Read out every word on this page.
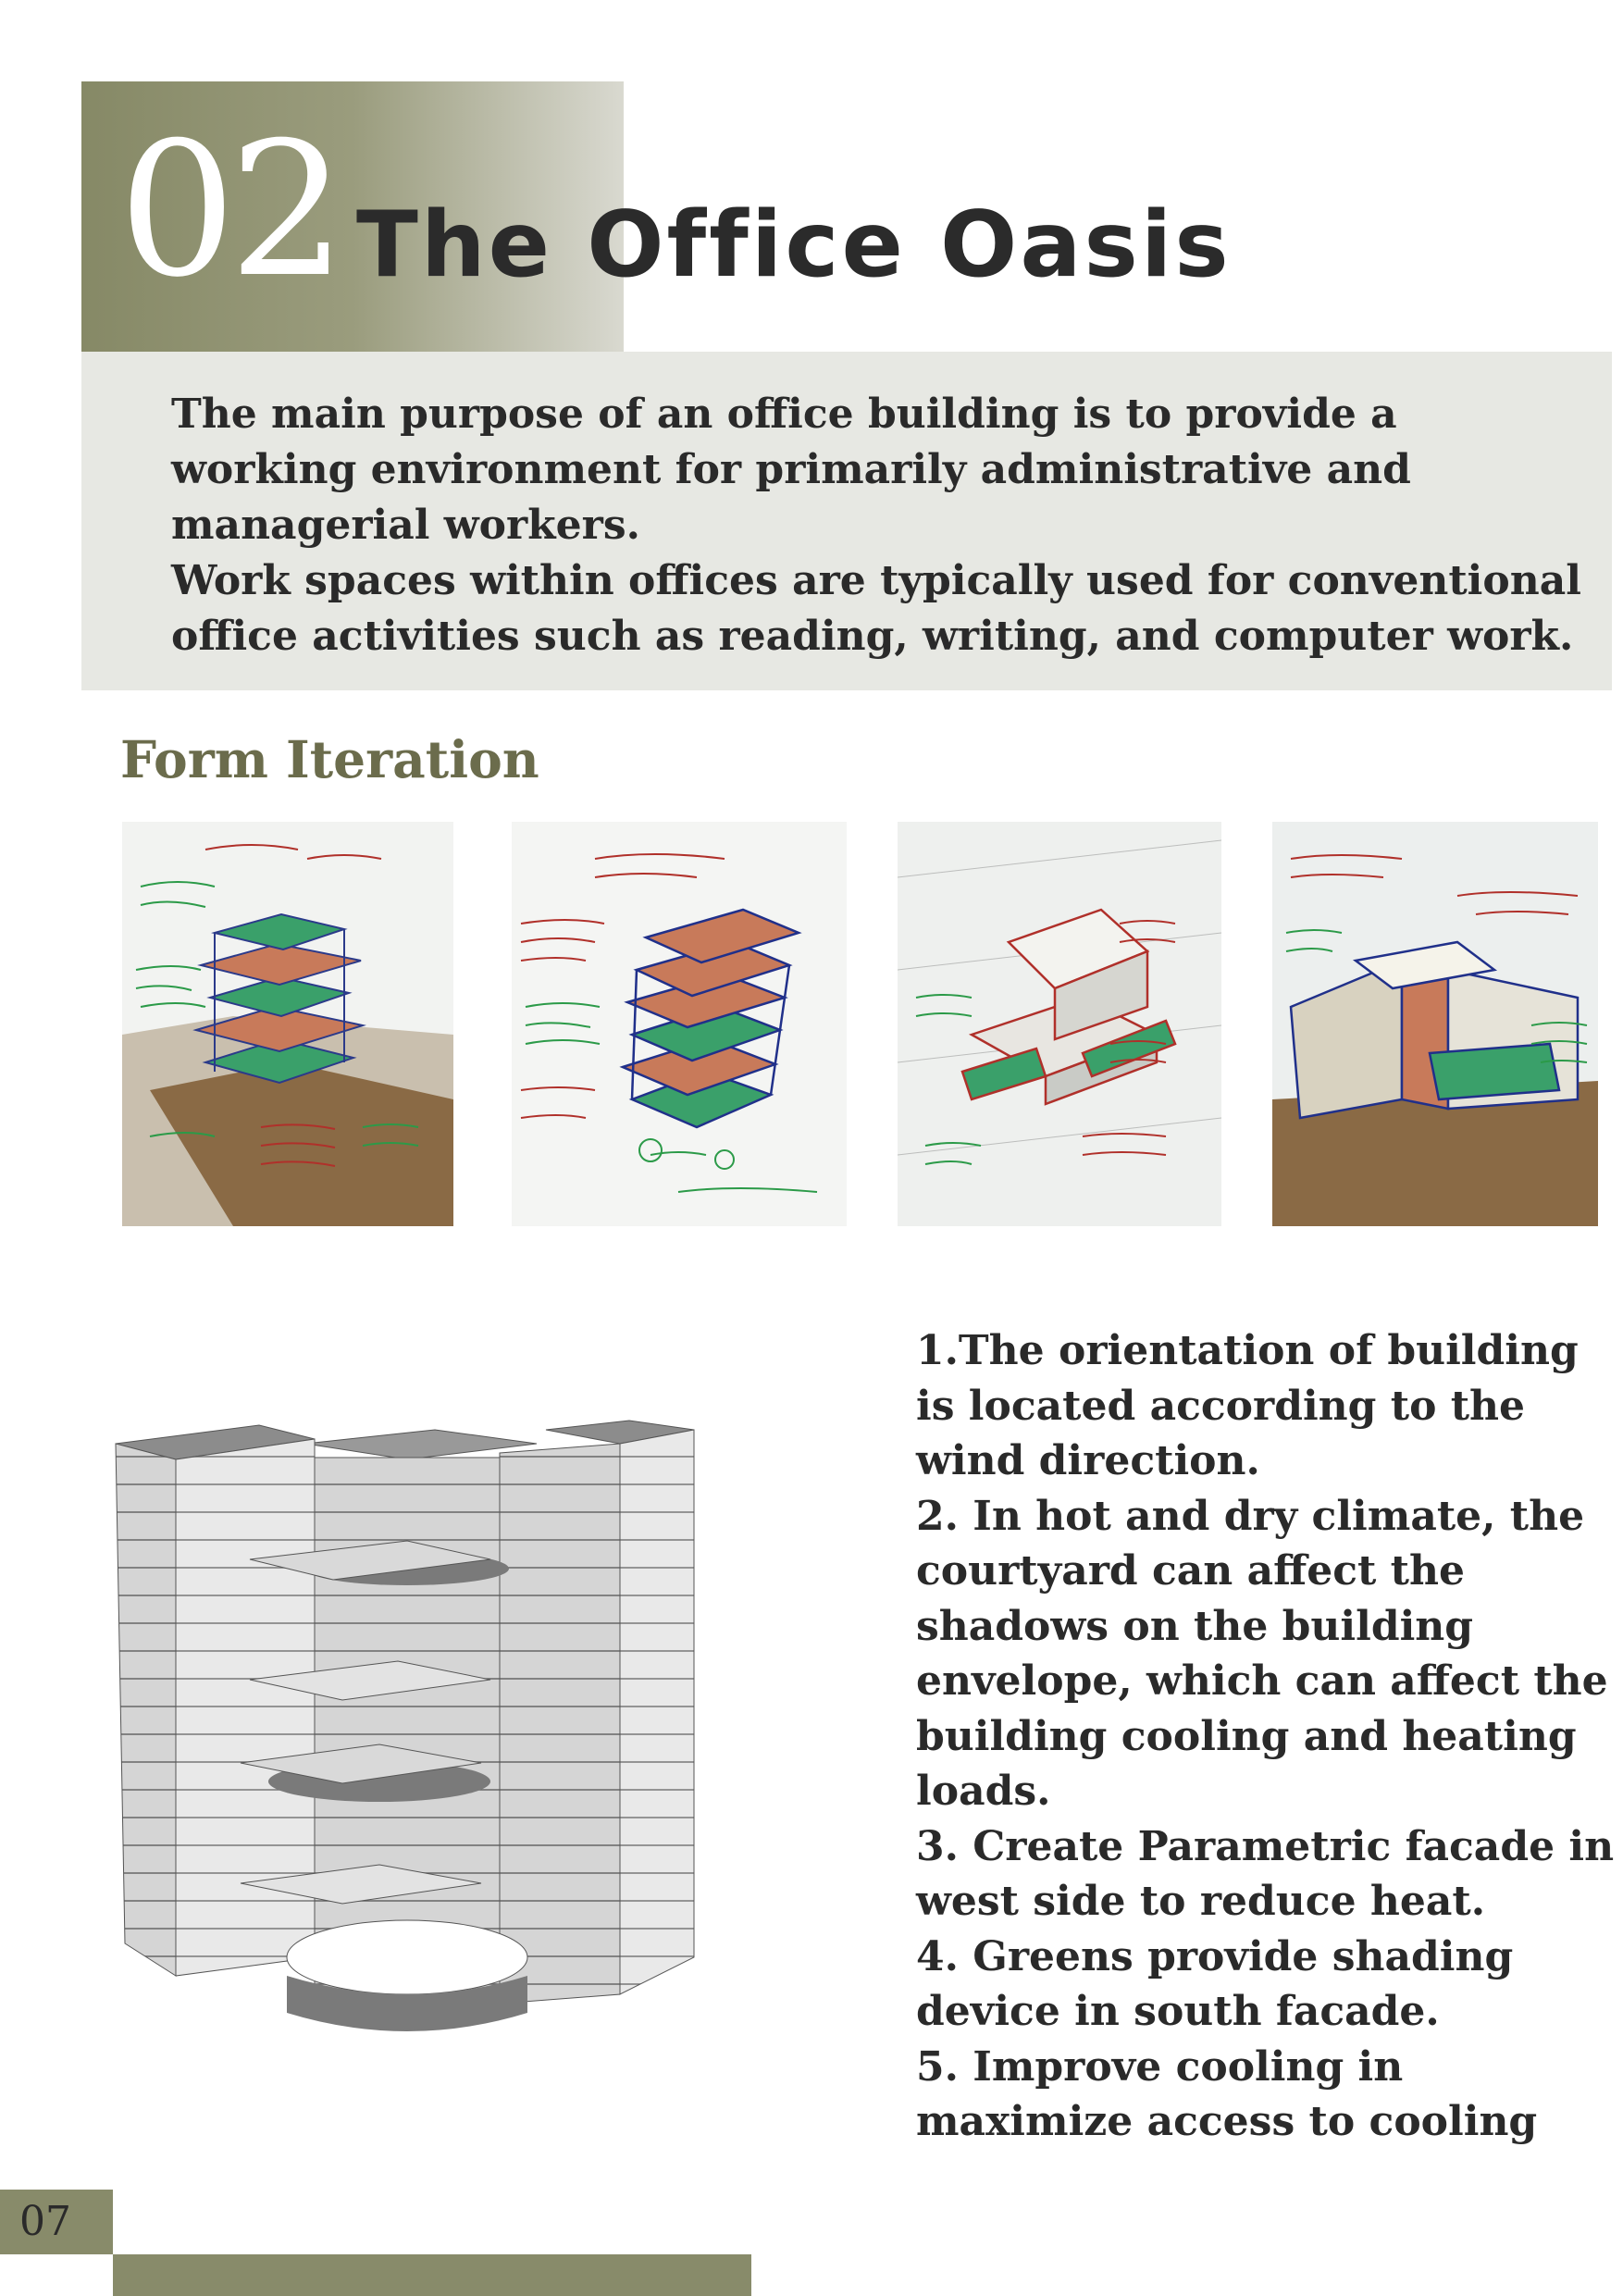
02 The Office Oasis
The main purpose of an office building is to provide a
working environment for primarily administrative and
managerial workers.
Work spaces within offices are typically used for conventional
office activities such as reading, writing, and computer work.
Form Iteration
1.The orientation of building
is located according to the
wind direction.
2. In hot and dry climate, the
courtyard can affect the
shadows on the building
envelope, which can affect the
building cooling and heating
loads.
3. Create Parametric facade in
west side to reduce heat.
4. Greens provide shading
device in south facade.
5. Improve cooling in
maximize access to cooling
07
